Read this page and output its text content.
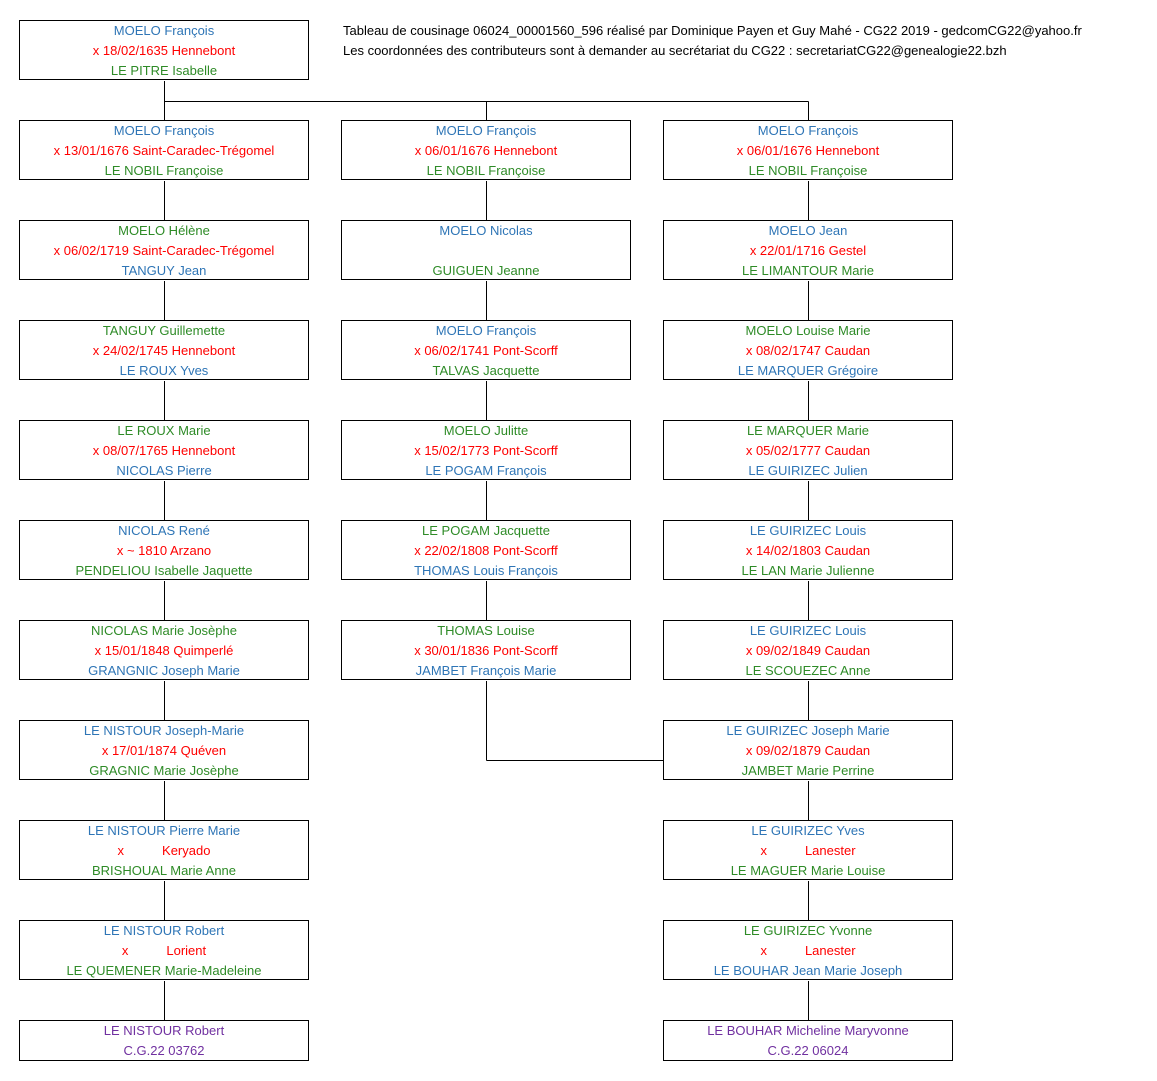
Tableau de cousinage 06024_00001560_596 réalisé par Dominique Payen et Guy Mahé - CG22 2019 - gedcomCG22@yahoo.fr
Les coordonnées des contributeurs sont à demander au secrétariat du CG22 : secretariatCG22@genealogie22.bzh
MOELO François
x 18/02/1635 Hennebont
LE PITRE Isabelle
MOELO François
x 13/01/1676 Saint-Caradec-Trégomel
LE NOBIL Françoise
MOELO Hélène
x 06/02/1719 Saint-Caradec-Trégomel
TANGUY Jean
TANGUY Guillemette
x 24/02/1745 Hennebont
LE ROUX Yves
LE ROUX Marie
x 08/07/1765 Hennebont
NICOLAS Pierre
NICOLAS René
x ~ 1810 Arzano
PENDELIOU Isabelle Jaquette
NICOLAS Marie Josèphe
x 15/01/1848 Quimperlé
GRANGNIC Joseph Marie
LE NISTOUR Joseph-Marie
x 17/01/1874 Quéven
GRAGNIC Marie Josèphe
LE NISTOUR Pierre Marie
x	Keryado
BRISHOUAL Marie Anne
LE NISTOUR Robert
x	Lorient
LE QUEMENER Marie-Madeleine
LE NISTOUR Robert
C.G.22 03762
MOELO François
x 06/01/1676 Hennebont
LE NOBIL Françoise
MOELO Nicolas
GUIGUEN Jeanne
MOELO François
x 06/02/1741 Pont-Scorff
TALVAS Jacquette
MOELO Julitte
x 15/02/1773 Pont-Scorff
LE POGAM François
LE POGAM Jacquette
x 22/02/1808 Pont-Scorff
THOMAS Louis François
THOMAS Louise
x 30/01/1836 Pont-Scorff
JAMBET François Marie
MOELO François
x 06/01/1676 Hennebont
LE NOBIL Françoise
MOELO Jean
x 22/01/1716 Gestel
LE LIMANTOUR Marie
MOELO Louise Marie
x 08/02/1747 Caudan
LE MARQUER Grégoire
LE MARQUER Marie
x 05/02/1777 Caudan
LE GUIRIZEC Julien
LE GUIRIZEC Louis
x 14/02/1803 Caudan
LE LAN Marie Julienne
LE GUIRIZEC Louis
x 09/02/1849 Caudan
LE SCOUEZEC Anne
LE GUIRIZEC Joseph Marie
x 09/02/1879 Caudan
JAMBET Marie Perrine
LE GUIRIZEC Yves
x	Lanester
LE MAGUER Marie Louise
LE GUIRIZEC Yvonne
x	Lanester
LE BOUHAR Jean Marie Joseph
LE BOUHAR Micheline Maryvonne
C.G.22 06024
